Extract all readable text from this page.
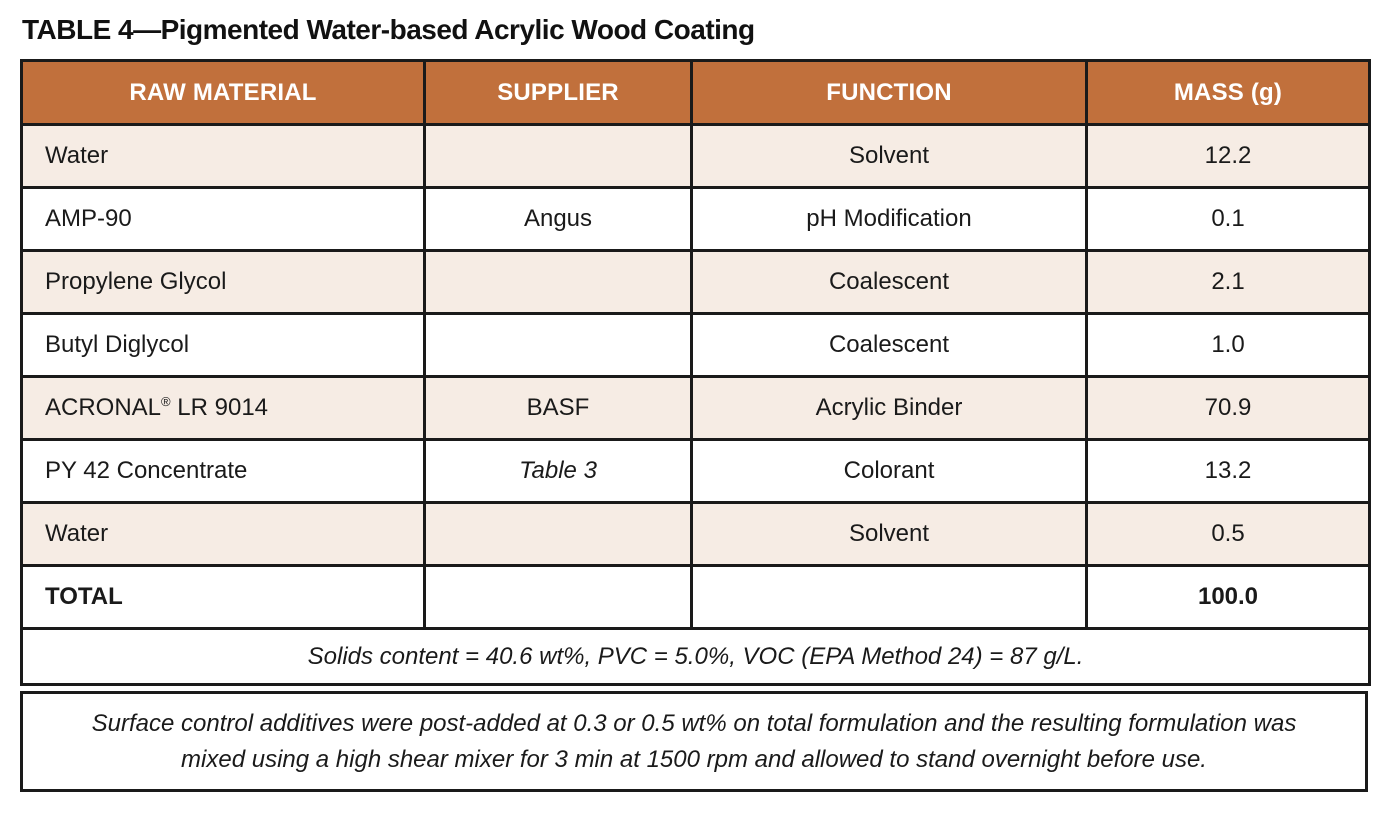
TABLE 4—Pigmented Water-based Acrylic Wood Coating
RAW MATERIAL	SUPPLIER	FUNCTION	MASS (g)
Water		Solvent	12.2
AMP-90	Angus	pH Modification	0.1
Propylene Glycol		Coalescent	2.1
Butyl Diglycol		Coalescent	1.0
ACRONAL® LR 9014	BASF	Acrylic Binder	70.9
PY 42 Concentrate	Table 3	Colorant	13.2
Water		Solvent	0.5
TOTAL			100.0
Solids content = 40.6 wt%, PVC = 5.0%, VOC (EPA Method 24) = 87 g/L.			
Surface control additives were post-added at 0.3 or 0.5 wt% on total formulation and the resulting formulation was mixed using a high shear mixer for 3 min at 1500 rpm and allowed to stand overnight before use.
